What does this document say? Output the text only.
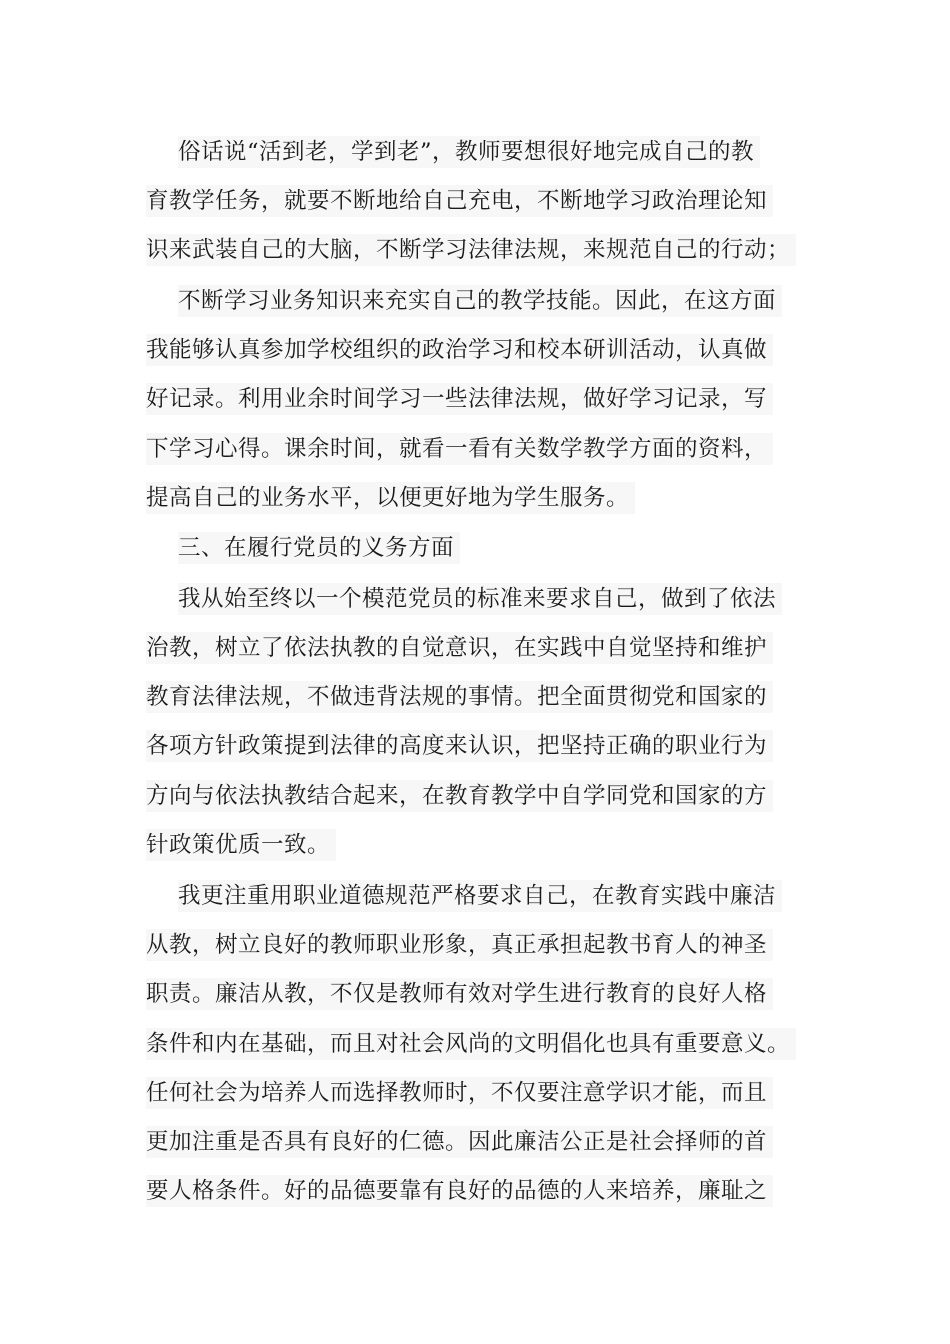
俗话说“活到老，学到老”，教师要想很好地完成自己的教
育教学任务，就要不断地给自己充电，不断地学习政治理论知
识来武装自己的大脑，不断学习法律法规，来规范自己的行动；
不断学习业务知识来充实自己的教学技能。因此，在这方面
我能够认真参加学校组织的政治学习和校本研训活动，认真做
好记录。利用业余时间学习一些法律法规，做好学习记录，写
下学习心得。课余时间，就看一看有关数学教学方面的资料，
提高自己的业务水平，以便更好地为学生服务。
三、在履行党员的义务方面
我从始至终以一个模范党员的标准来要求自己，做到了依法
治教，树立了依法执教的自觉意识，在实践中自觉坚持和维护
教育法律法规，不做违背法规的事情。把全面贯彻党和国家的
各项方针政策提到法律的高度来认识，把坚持正确的职业行为
方向与依法执教结合起来，在教育教学中自学同党和国家的方
针政策优质一致。
我更注重用职业道德规范严格要求自己，在教育实践中廉洁
从教，树立良好的教师职业形象，真正承担起教书育人的神圣
职责。廉洁从教，不仅是教师有效对学生进行教育的良好人格
条件和内在基础，而且对社会风尚的文明倡化也具有重要意义。
任何社会为培养人而选择教师时，不仅要注意学识才能，而且
更加注重是否具有良好的仁德。因此廉洁公正是社会择师的首
要人格条件。好的品德要靠有良好的品德的人来培养，廉耻之
